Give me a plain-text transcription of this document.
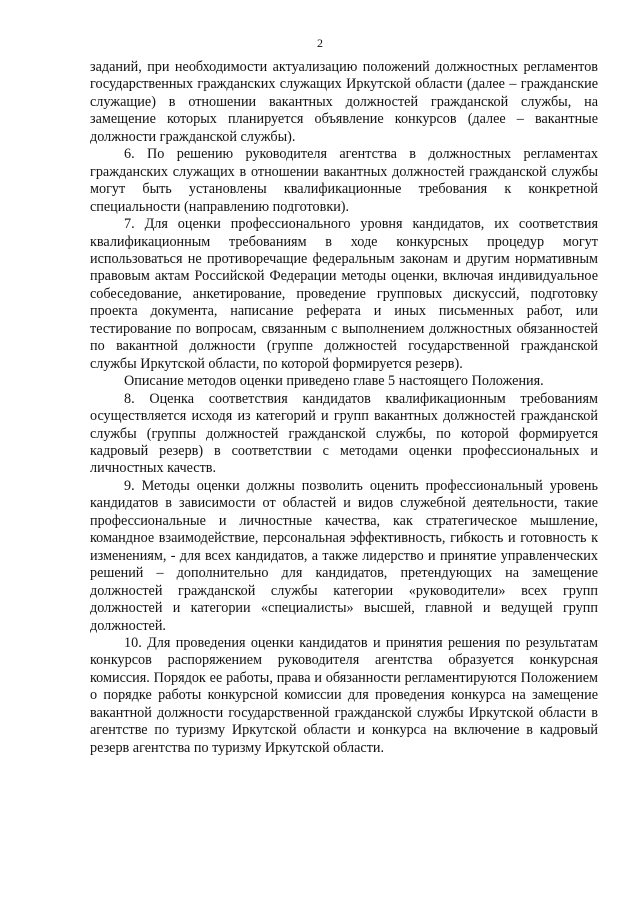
2

заданий, при необходимости актуализацию положений должностных регламентов государственных гражданских служащих Иркутской области (далее – гражданские служащие) в отношении вакантных должностей гражданской службы, на замещение которых планируется объявление конкурсов (далее – вакантные должности гражданской службы).

6. По решению руководителя агентства в должностных регламентах гражданских служащих в отношении вакантных должностей гражданской службы могут быть установлены квалификационные требования к конкретной специальности (направлению подготовки).

7. Для оценки профессионального уровня кандидатов, их соответствия квалификационным требованиям в ходе конкурсных процедур могут использоваться не противоречащие федеральным законам и другим нормативным правовым актам Российской Федерации методы оценки, включая индивидуальное собеседование, анкетирование, проведение групповых дискуссий, подготовку проекта документа, написание реферата и иных письменных работ, или тестирование по вопросам, связанным с выполнением должностных обязанностей по вакантной должности (группе должностей государственной гражданской службы Иркутской области, по которой формируется резерв).

Описание методов оценки приведено главе 5 настоящего Положения.

8. Оценка соответствия кандидатов квалификационным требованиям осуществляется исходя из категорий и групп вакантных должностей гражданской службы (группы должностей гражданской службы, по которой формируется кадровый резерв) в соответствии с методами оценки профессиональных и личностных качеств.

9. Методы оценки должны позволить оценить профессиональный уровень кандидатов в зависимости от областей и видов служебной деятельности, такие профессиональные и личностные качества, как стратегическое мышление, командное взаимодействие, персональная эффективность, гибкость и готовность к изменениям, - для всех кандидатов, а также лидерство и принятие управленческих решений – дополнительно для кандидатов, претендующих на замещение должностей гражданской службы категории «руководители» всех групп должностей и категории «специалисты» высшей, главной и ведущей групп должностей.

10. Для проведения оценки кандидатов и принятия решения по результатам конкурсов распоряжением руководителя агентства образуется конкурсная комиссия. Порядок ее работы, права и обязанности регламентируются Положением о порядке работы конкурсной комиссии для проведения конкурса на замещение вакантной должности государственной гражданской службы Иркутской области в агентстве по туризму Иркутской области и конкурса на включение в кадровый резерв агентства по туризму Иркутской области.
